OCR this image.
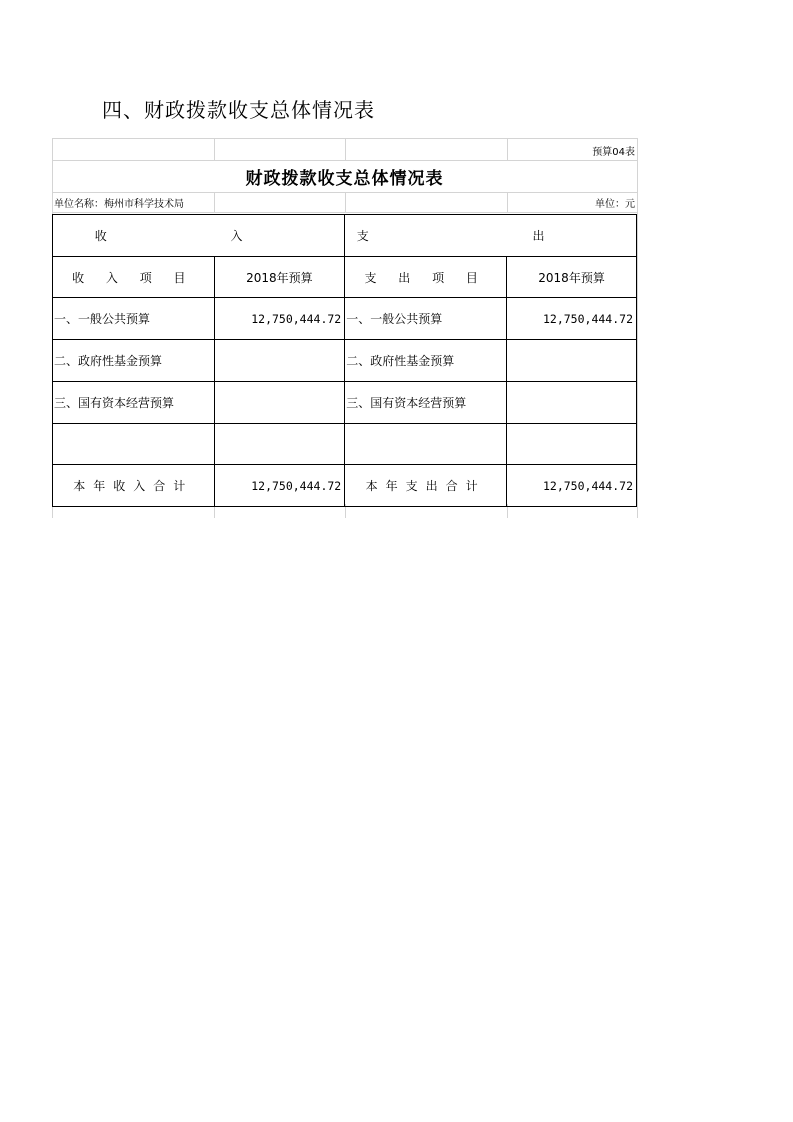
四、财政拨款收支总体情况表
预算04表
财政拨款收支总体情况表
单位名称：梅州市科学技术局	单位：元
收 入		支 出	
收 入 项 目	2018年预算	支 出 项 目	2018年预算
一、一般公共预算	12,750,444.72	一、一般公共预算	12,750,444.72
二、政府性基金预算		二、政府性基金预算	
三、国有资本经营预算		三、国有资本经营预算	

本年收入合计	12,750,444.72	本年支出合计	12,750,444.72
